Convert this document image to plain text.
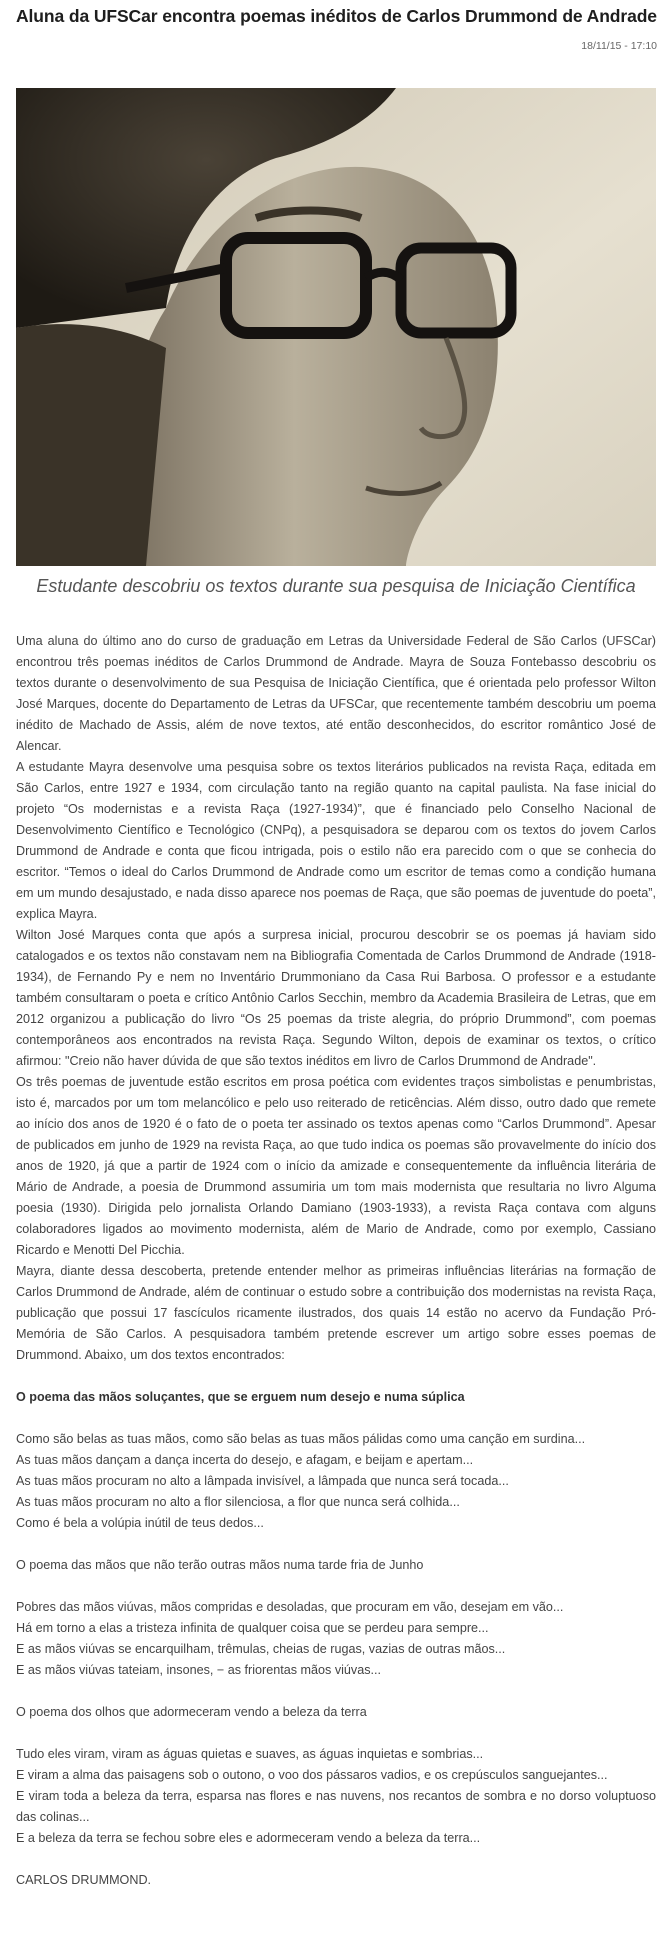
Aluna da UFSCar encontra poemas inéditos de Carlos Drummond de Andrade
18/11/15 - 17:10
Estudante descobriu os textos durante sua pesquisa de Iniciação Científica

Uma aluna do último ano do curso de graduação em Letras da Universidade Federal de São Carlos (UFSCar) encontrou três poemas inéditos de Carlos Drummond de Andrade. Mayra de Souza Fontebasso descobriu os textos durante o desenvolvimento de sua Pesquisa de Iniciação Científica, que é orientada pelo professor Wilton José Marques, docente do Departamento de Letras da UFSCar, que recentemente também descobriu um poema inédito de Machado de Assis, além de nove textos, até então desconhecidos, do escritor romântico José de Alencar.

A estudante Mayra desenvolve uma pesquisa sobre os textos literários publicados na revista Raça, editada em São Carlos, entre 1927 e 1934, com circulação tanto na região quanto na capital paulista. Na fase inicial do projeto “Os modernistas e a revista Raça (1927-1934)”, que é financiado pelo Conselho Nacional de Desenvolvimento Científico e Tecnológico (CNPq), a pesquisadora se deparou com os textos do jovem Carlos Drummond de Andrade e conta que ficou intrigada, pois o estilo não era parecido com o que se conhecia do escritor. “Temos o ideal do Carlos Drummond de Andrade como um escritor de temas como a condição humana em um mundo desajustado, e nada disso aparece nos poemas de Raça, que são poemas de juventude do poeta”, explica Mayra.

Wilton José Marques conta que após a surpresa inicial, procurou descobrir se os poemas já haviam sido catalogados e os textos não constavam nem na Bibliografia Comentada de Carlos Drummond de Andrade (1918-1934), de Fernando Py e nem no Inventário Drummoniano da Casa Rui Barbosa. O professor e a estudante também consultaram o poeta e crítico Antônio Carlos Secchin, membro da Academia Brasileira de Letras, que em 2012 organizou a publicação do livro “Os 25 poemas da triste alegria, do próprio Drummond”, com poemas contemporâneos aos encontrados na revista Raça. Segundo Wilton, depois de examinar os textos, o crítico afirmou: "Creio não haver dúvida de que são textos inéditos em livro de Carlos Drummond de Andrade".

Os três poemas de juventude estão escritos em prosa poética com evidentes traços simbolistas e penumbristas, isto é, marcados por um tom melancólico e pelo uso reiterado de reticências. Além disso, outro dado que remete ao início dos anos de 1920 é o fato de o poeta ter assinado os textos apenas como “Carlos Drummond”. Apesar de publicados em junho de 1929 na revista Raça, ao que tudo indica os poemas são provavelmente do início dos anos de 1920, já que a partir de 1924 com o início da amizade e consequentemente da influência literária de Mário de Andrade, a poesia de Drummond assumiria um tom mais modernista que resultaria no livro Alguma poesia (1930). Dirigida pelo jornalista Orlando Damiano (1903-1933), a revista Raça contava com alguns colaboradores ligados ao movimento modernista, além de Mario de Andrade, como por exemplo, Cassiano Ricardo e Menotti Del Picchia.

Mayra, diante dessa descoberta, pretende entender melhor as primeiras influências literárias na formação de Carlos Drummond de Andrade, além de continuar o estudo sobre a contribuição dos modernistas na revista Raça, publicação que possui 17 fascículos ricamente ilustrados, dos quais 14 estão no acervo da Fundação Pró-Memória de São Carlos. A pesquisadora também pretende escrever um artigo sobre esses poemas de Drummond. Abaixo, um dos textos encontrados:

O poema das mãos soluçantes, que se erguem num desejo e numa súplica

Como são belas as tuas mãos, como são belas as tuas mãos pálidas como uma canção em surdina...

As tuas mãos dançam a dança incerta do desejo, e afagam, e beijam e apertam...

As tuas mãos procuram no alto a lâmpada invisível, a lâmpada que nunca será tocada...

As tuas mãos procuram no alto a flor silenciosa, a flor que nunca será colhida...

Como é bela a volúpia inútil de teus dedos...

O poema das mãos que não terão outras mãos numa tarde fria de Junho

Pobres das mãos viúvas, mãos compridas e desoladas, que procuram em vão, desejam em vão...

Há em torno a elas a tristeza infinita de qualquer coisa que se perdeu para sempre...

E as mãos viúvas se encarquilham, trêmulas, cheias de rugas, vazias de outras mãos...

E as mãos viúvas tateiam, insones, − as friorentas mãos viúvas...

O poema dos olhos que adormeceram vendo a beleza da terra

Tudo eles viram, viram as águas quietas e suaves, as águas inquietas e sombrias...

E viram a alma das paisagens sob o outono, o voo dos pássaros vadios, e os crepúsculos sanguejantes...

E viram toda a beleza da terra, esparsa nas flores e nas nuvens, nos recantos de sombra e no dorso voluptuoso das colinas...

E a beleza da terra se fechou sobre eles e adormeceram vendo a beleza da terra...

CARLOS DRUMMOND.
